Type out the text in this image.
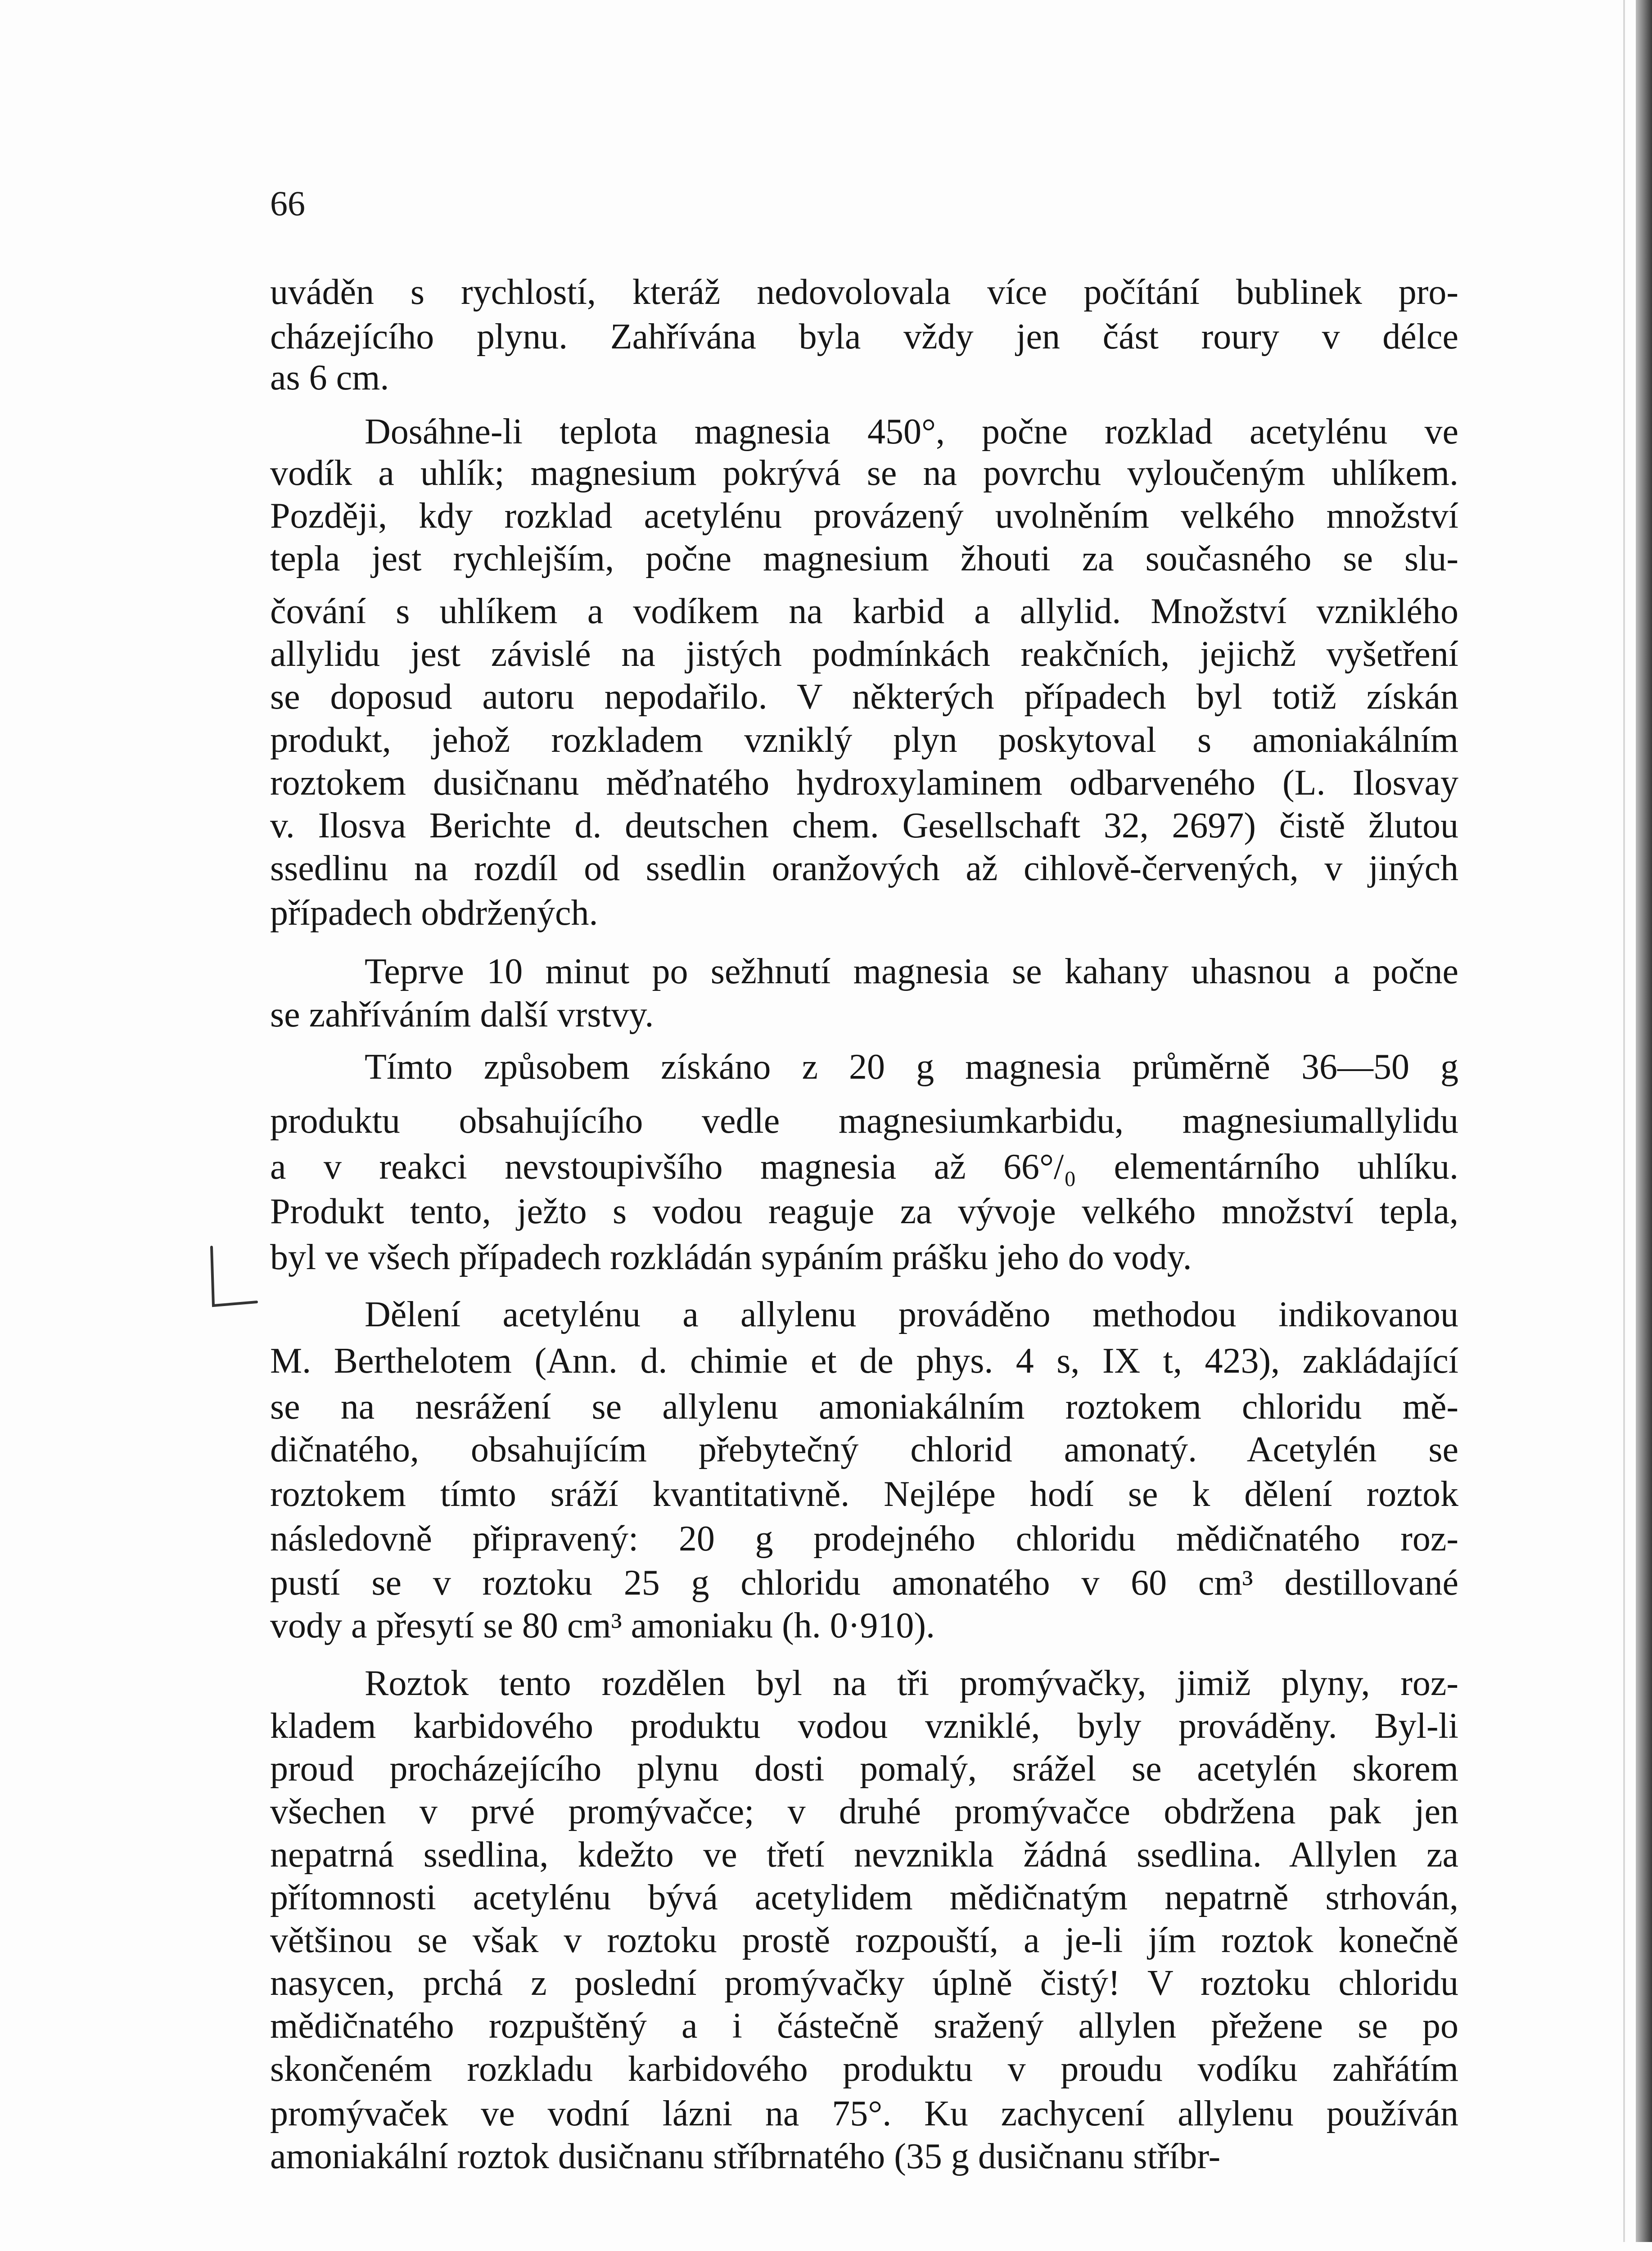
66
uváděn s rychlostí, kteráž nedovolovala více počítání bublinek pro-
cházejícího plynu. Zahřívána byla vždy jen část roury v délce
as 6 cm.
Dosáhne-li teplota magnesia 450°, počne rozklad acetylénu ve
vodík a uhlík; magnesium pokrývá se na povrchu vyloučeným uhlíkem.
Později, kdy rozklad acetylénu provázený uvolněním velkého množství
tepla jest rychlejším, počne magnesium žhouti za současného se slu-
čování s uhlíkem a vodíkem na karbid a allylid. Množství vzniklého
allylidu jest závislé na jistých podmínkách reakčních, jejichž vyšetření
se doposud autoru nepodařilo. V některých případech byl totiž získán
produkt, jehož rozkladem vzniklý plyn poskytoval s amoniakálním
roztokem dusičnanu měďnatého hydroxylaminem odbarveného (L. Ilosvay
v. Ilosva Berichte d. deutschen chem. Gesellschaft 32, 2697) čistě žlutou
ssedlinu na rozdíl od ssedlin oranžových až cihlově-červených, v jiných
případech obdržených.
Teprve 10 minut po sežhnutí magnesia se kahany uhasnou a počne
se zahříváním další vrstvy.
Tímto způsobem získáno z 20 g magnesia průměrně 36—50 g
produktu obsahujícího vedle magnesiumkarbidu, magnesiumallylidu
a v reakci nevstoupivšího magnesia až 66°/₀ elementárního uhlíku.
Produkt tento, ježto s vodou reaguje za vývoje velkého množství tepla,
byl ve všech případech rozkládán sypáním prášku jeho do vody.
Dělení acetylénu a allylenu prováděno methodou indikovanou
M. Berthelotem (Ann. d. chimie et de phys. 4 s, IX t, 423), zakládající
se na nesrážení se allylenu amoniakálním roztokem chloridu mě-
dičnatého, obsahujícím přebytečný chlorid amonatý. Acetylén se
roztokem tímto sráží kvantitativně. Nejlépe hodí se k dělení roztok
následovně připravený: 20 g prodejného chloridu mědičnatého roz-
pustí se v roztoku 25 g chloridu amonatého v 60 cm³ destillované
vody a přesytí se 80 cm³ amoniaku (h. 0·910).
Roztok tento rozdělen byl na tři promývačky, jimiž plyny, roz-
kladem karbidového produktu vodou vzniklé, byly prováděny. Byl-li
proud procházejícího plynu dosti pomalý, srážel se acetylén skorem
všechen v prvé promývačce; v druhé promývačce obdržena pak jen
nepatrná ssedlina, kdežto ve třetí nevznikla žádná ssedlina. Allylen za
přítomnosti acetylénu bývá acetylidem mědičnatým nepatrně strhován,
většinou se však v roztoku prostě rozpouští, a je-li jím roztok konečně
nasycen, prchá z poslední promývačky úplně čistý! V roztoku chloridu
mědičnatého rozpuštěný a i částečně sražený allylen přežene se po
skončeném rozkladu karbidového produktu v proudu vodíku zahřátím
promývaček ve vodní lázni na 75°. Ku zachycení allylenu používán
amoniakální roztok dusičnanu stříbrnatého (35 g dusičnanu stříbr-
